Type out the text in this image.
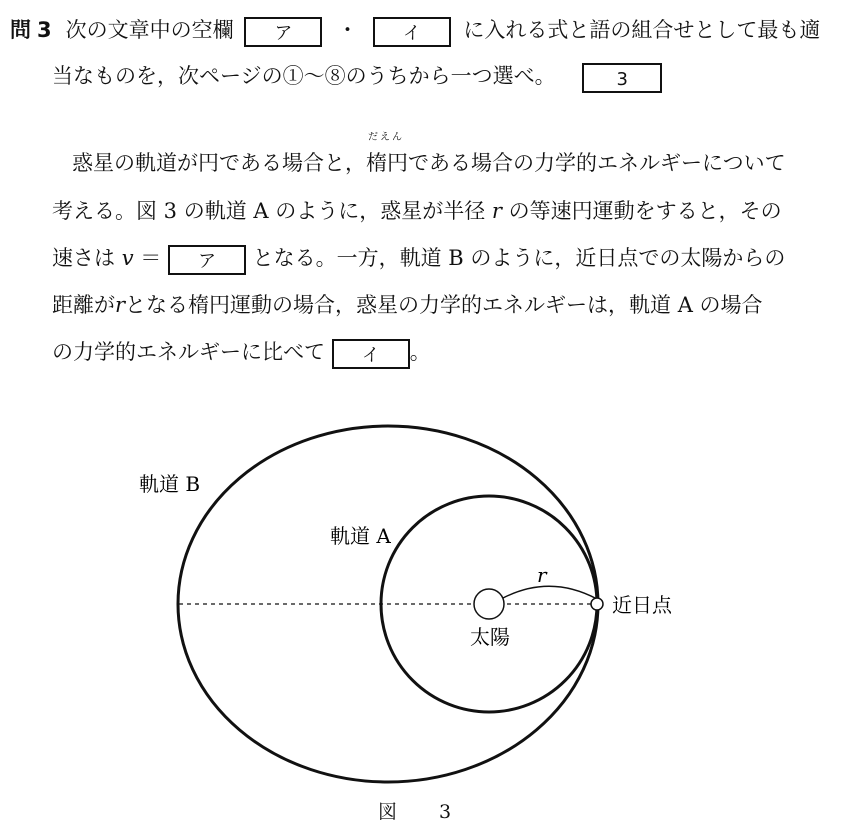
問 3 次の文章中の空欄 ア ・ イ に入れる式と語の組合せとして最も適
当なものを，次ページの①～⑧のうちから一つ選べ。	3
惑星の軌道が円である場合と，
だえん
楕円である場合の力学的エネルギーについて
考える。図 3 の軌道 A のように，惑星が半径 r の等速円運動をすると，その
速さは v ＝ ア となる。一方，軌道 B のように，近日点での太陽からの
距離がrとなる楕円運動の場合，惑星の力学的エネルギーは，軌道 A の場合
の力学的エネルギーに比べて イ 。
軌道 B
軌道 A
r
太陽
近日点
図 3
